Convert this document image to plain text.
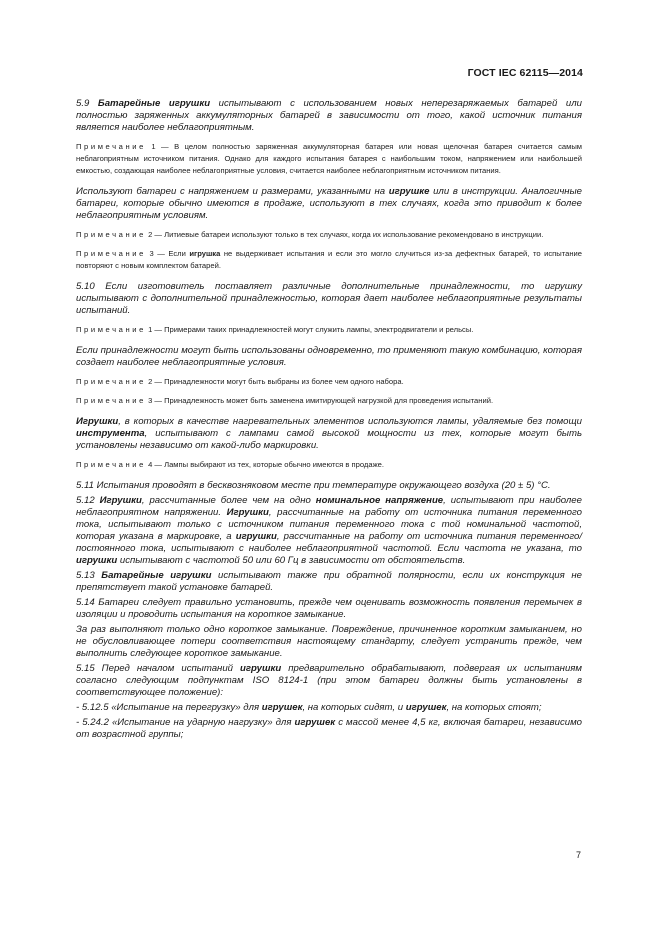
ГОСТ IEC 62115—2014

5.9 Батарейные игрушки испытывают с использованием новых неперезаряжаемых батарей или полностью заряженных аккумуляторных батарей в зависимости от того, какой источник питания является наиболее неблагоприятным.

Примечание 1 — В целом полностью заряженная аккумуляторная батарея или новая щелочная батарея считается самым неблагоприятным источником питания. Однако для каждого испытания батарея с наибольшим током, напряжением или наибольшей емкостью, создающая наиболее неблагоприятные условия, считается наиболее неблагоприятным источником питания.

Используют батареи с напряжением и размерами, указанными на игрушке или в инструкции. Аналогичные батареи, которые обычно имеются в продаже, используют в тех случаях, когда это приводит к более неблагоприятным условиям.

Примечание 2 — Литиевые батареи используют только в тех случаях, когда их использование рекомендовано в инструкции.

Примечание 3 — Если игрушка не выдерживает испытания и если это могло случиться из-за дефектных батарей, то испытание повторяют с новым комплектом батарей.

5.10 Если изготовитель поставляет различные дополнительные принадлежности, то игрушку испытывают с дополнительной принадлежностью, которая дает наиболее неблагоприятные результаты испытаний.

Примечание 1 — Примерами таких принадлежностей могут служить лампы, электродвигатели и рельсы.

Если принадлежности могут быть использованы одновременно, то применяют такую комбинацию, которая создает наиболее неблагоприятные условия.

Примечание 2 — Принадлежности могут быть выбраны из более чем одного набора.

Примечание 3 — Принадлежность может быть заменена имитирующей нагрузкой для проведения испытаний.

Игрушки, в которых в качестве нагревательных элементов используются лампы, удаляемые без помощи инструмента, испытывают с лампами самой высокой мощности из тех, которые могут быть установлены независимо от какой-либо маркировки.

Примечание 4 — Лампы выбирают из тех, которые обычно имеются в продаже.

5.11 Испытания проводят в бесквозняковом месте при температуре окружающего воздуха (20 ± 5) °С.

5.12 Игрушки, рассчитанные более чем на одно номинальное напряжение, испытывают при наиболее неблагоприятном напряжении. Игрушки, рассчитанные на работу от источника питания переменного тока, испытывают только с источником питания переменного тока с той номинальной частотой, которая указана в маркировке, а игрушки, рассчитанные на работу от источника питания переменного/постоянного тока, испытывают с наиболее неблагоприятной частотой. Если частота не указана, то игрушки испытывают с частотой 50 или 60 Гц в зависимости от обстоятельств.

5.13 Батарейные игрушки испытывают также при обратной полярности, если их конструкция не препятствует такой установке батарей.

5.14 Батареи следует правильно установить, прежде чем оценивать возможность появления перемычек в изоляции и проводить испытания на короткое замыкание.

За раз выполняют только одно короткое замыкание. Повреждение, причиненное коротким замыканием, но не обусловливающее потери соответствия настоящему стандарту, следует устранить прежде, чем выполнить следующее короткое замыкание.

5.15 Перед началом испытаний игрушки предварительно обрабатывают, подвергая их испытаниям согласно следующим подпунктам ISO 8124-1 (при этом батареи должны быть установлены в соответствующее положение):

- 5.12.5 «Испытание на перегрузку» для игрушек, на которых сидят, и игрушек, на которых стоят;

- 5.24.2 «Испытание на ударную нагрузку» для игрушек с массой менее 4,5 кг, включая батареи, независимо от возрастной группы;

7
